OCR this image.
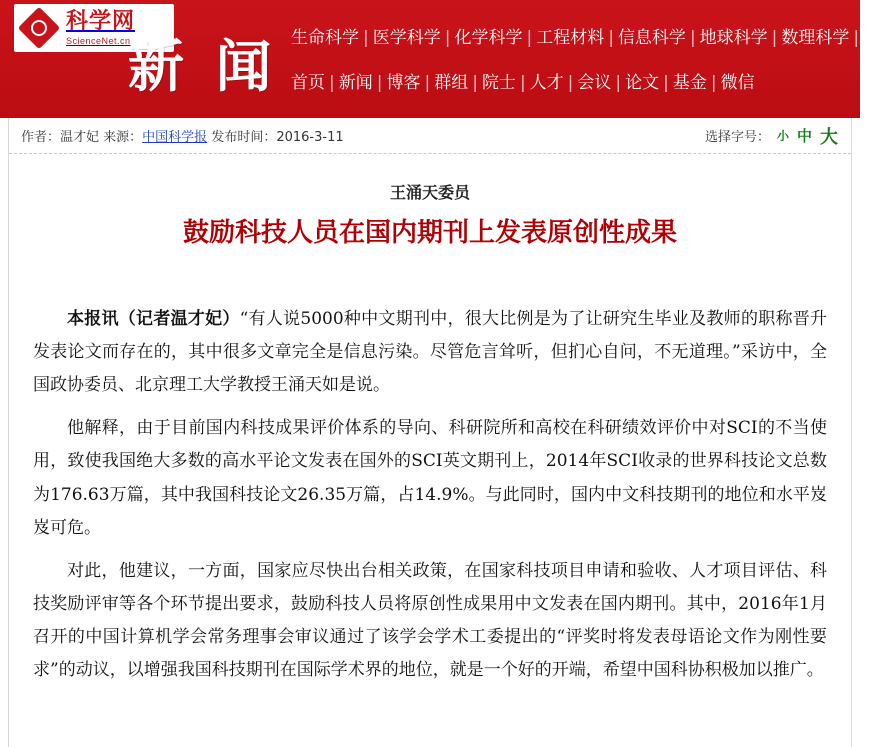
科学网
ScienceNet.cn
新 闻 生命科学 | 医学科学 | 化学科学 | 工程材料 | 信息科学 | 地球科学 | 数理科学 | 管
首页 | 新闻 | 博客 | 群组 | 院士 | 人才 | 会议 | 论文 | 基金 | 微信
作者：温才妃 来源：中国科学报 发布时间：2016-3-11	选择字号： 小 中 大
王涌天委员
鼓励科技人员在国内期刊上发表原创性成果

本报讯（记者温才妃）“有人说5000种中文期刊中，很大比例是为了让研究生毕业及教师的职称晋升发表论文而存在的，其中很多文章完全是信息污染。尽管危言耸听，但扪心自问，不无道理。”采访中，全国政协委员、北京理工大学教授王涌天如是说。

他解释，由于目前国内科技成果评价体系的导向、科研院所和高校在科研绩效评价中对SCI的不当使用，致使我国绝大多数的高水平论文发表在国外的SCI英文期刊上，2014年SCI收录的世界科技论文总数为176.63万篇，其中我国科技论文26.35万篇，占14.9%。与此同时，国内中文科技期刊的地位和水平岌岌可危。

对此，他建议，一方面，国家应尽快出台相关政策，在国家科技项目申请和验收、人才项目评估、科技奖励评审等各个环节提出要求，鼓励科技人员将原创性成果用中文发表在国内期刊。其中，2016年1月召开的中国计算机学会常务理事会审议通过了该学会学术工委提出的“评奖时将发表母语论文作为刚性要求”的动议，以增强我国科技期刊在国际学术界的地位，就是一个好的开端，希望中国科协积极加以推广。
